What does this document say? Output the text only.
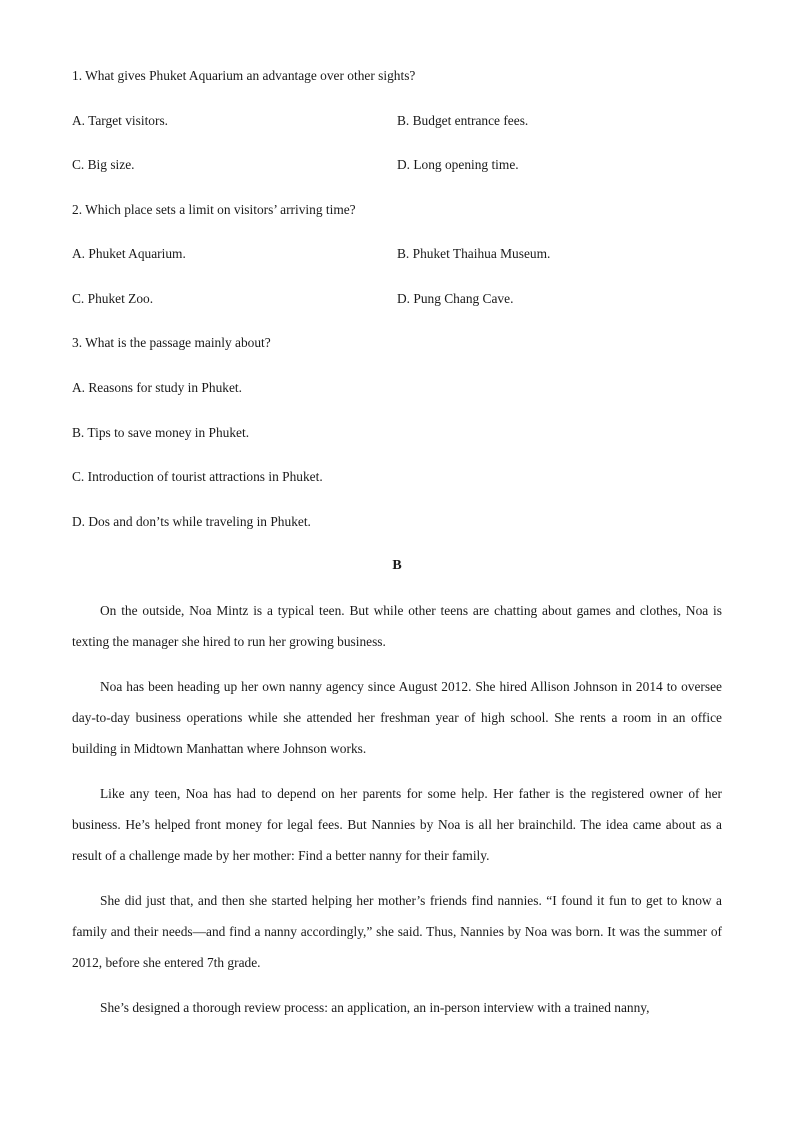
1. What gives Phuket Aquarium an advantage over other sights?
A. Target visitors.	B. Budget entrance fees.
C. Big size.	D. Long opening time.
2. Which place sets a limit on visitors’ arriving time?
A. Phuket Aquarium.	B. Phuket Thaihua Museum.
C. Phuket Zoo.	D. Pung Chang Cave.
3. What is the passage mainly about?
A. Reasons for study in Phuket.
B. Tips to save money in Phuket.
C. Introduction of tourist attractions in Phuket.
D. Dos and don’ts while traveling in Phuket.
B
On the outside, Noa Mintz is a typical teen. But while other teens are chatting about games and clothes, Noa is texting the manager she hired to run her growing business.
Noa has been heading up her own nanny agency since August 2012. She hired Allison Johnson in 2014 to oversee day-to-day business operations while she attended her freshman year of high school. She rents a room in an office building in Midtown Manhattan where Johnson works.
Like any teen, Noa has had to depend on her parents for some help. Her father is the registered owner of her business. He’s helped front money for legal fees. But Nannies by Noa is all her brainchild. The idea came about as a result of a challenge made by her mother: Find a better nanny for their family.
She did just that, and then she started helping her mother’s friends find nannies. “I found it fun to get to know a family and their needs—and find a nanny accordingly,” she said. Thus, Nannies by Noa was born. It was the summer of 2012, before she entered 7th grade.
She’s designed a thorough review process: an application, an in-person interview with a trained nanny,
